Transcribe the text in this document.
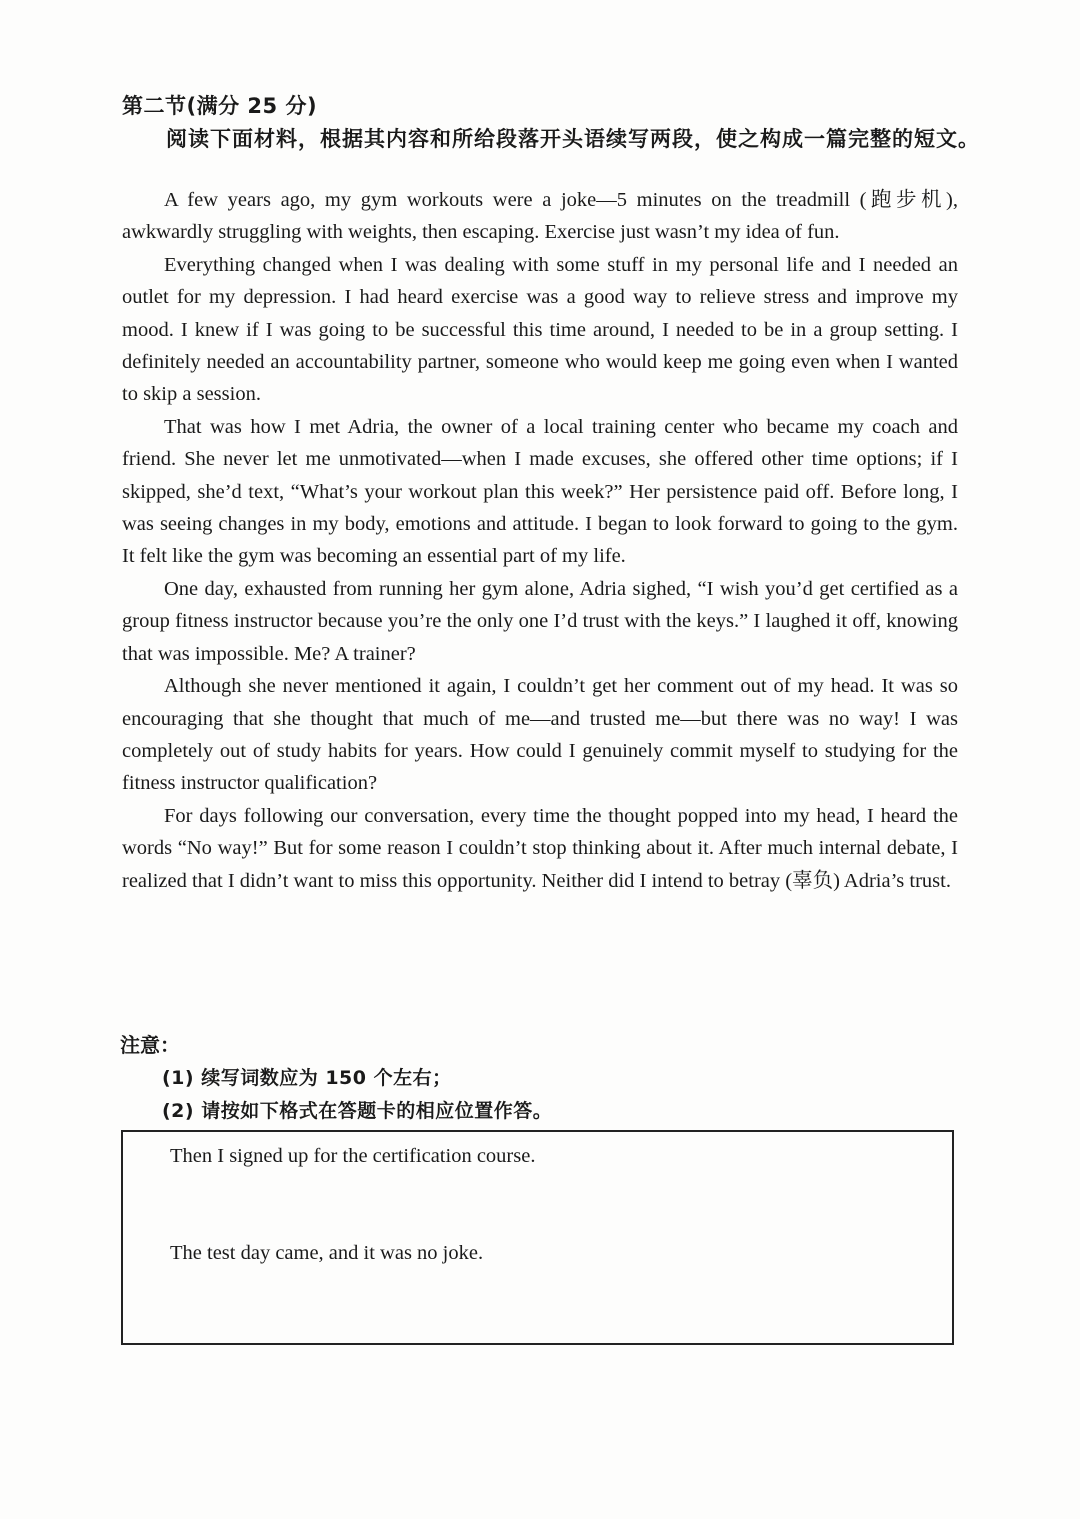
第二节(满分 25 分)
阅读下面材料，根据其内容和所给段落开头语续写两段，使之构成一篇完整的短文。

A few years ago, my gym workouts were a joke—5 minutes on the treadmill (跑步机), awkwardly struggling with weights, then escaping. Exercise just wasn’t my idea of fun.

Everything changed when I was dealing with some stuff in my personal life and I needed an outlet for my depression. I had heard exercise was a good way to relieve stress and improve my mood. I knew if I was going to be successful this time around, I needed to be in a group setting. I definitely needed an accountability partner, someone who would keep me going even when I wanted to skip a session.

That was how I met Adria, the owner of a local training center who became my coach and friend. She never let me unmotivated—when I made excuses, she offered other time options; if I skipped, she’d text, “What’s your workout plan this week?” Her persistence paid off. Before long, I was seeing changes in my body, emotions and attitude. I began to look forward to going to the gym. It felt like the gym was becoming an essential part of my life.

One day, exhausted from running her gym alone, Adria sighed, “I wish you’d get certified as a group fitness instructor because you’re the only one I’d trust with the keys.” I laughed it off, knowing that was impossible. Me? A trainer?

Although she never mentioned it again, I couldn’t get her comment out of my head. It was so encouraging that she thought that much of me—and trusted me—but there was no way! I was completely out of study habits for years. How could I genuinely commit myself to studying for the fitness instructor qualification?

For days following our conversation, every time the thought popped into my head, I heard the words “No way!” But for some reason I couldn’t stop thinking about it. After much internal debate, I realized that I didn’t want to miss this opportunity. Neither did I intend to betray (辜负) Adria’s trust.

注意：
(1) 续写词数应为 150 个左右；
(2) 请按如下格式在答题卡的相应位置作答。
Then I signed up for the certification course.
The test day came, and it was no joke.
